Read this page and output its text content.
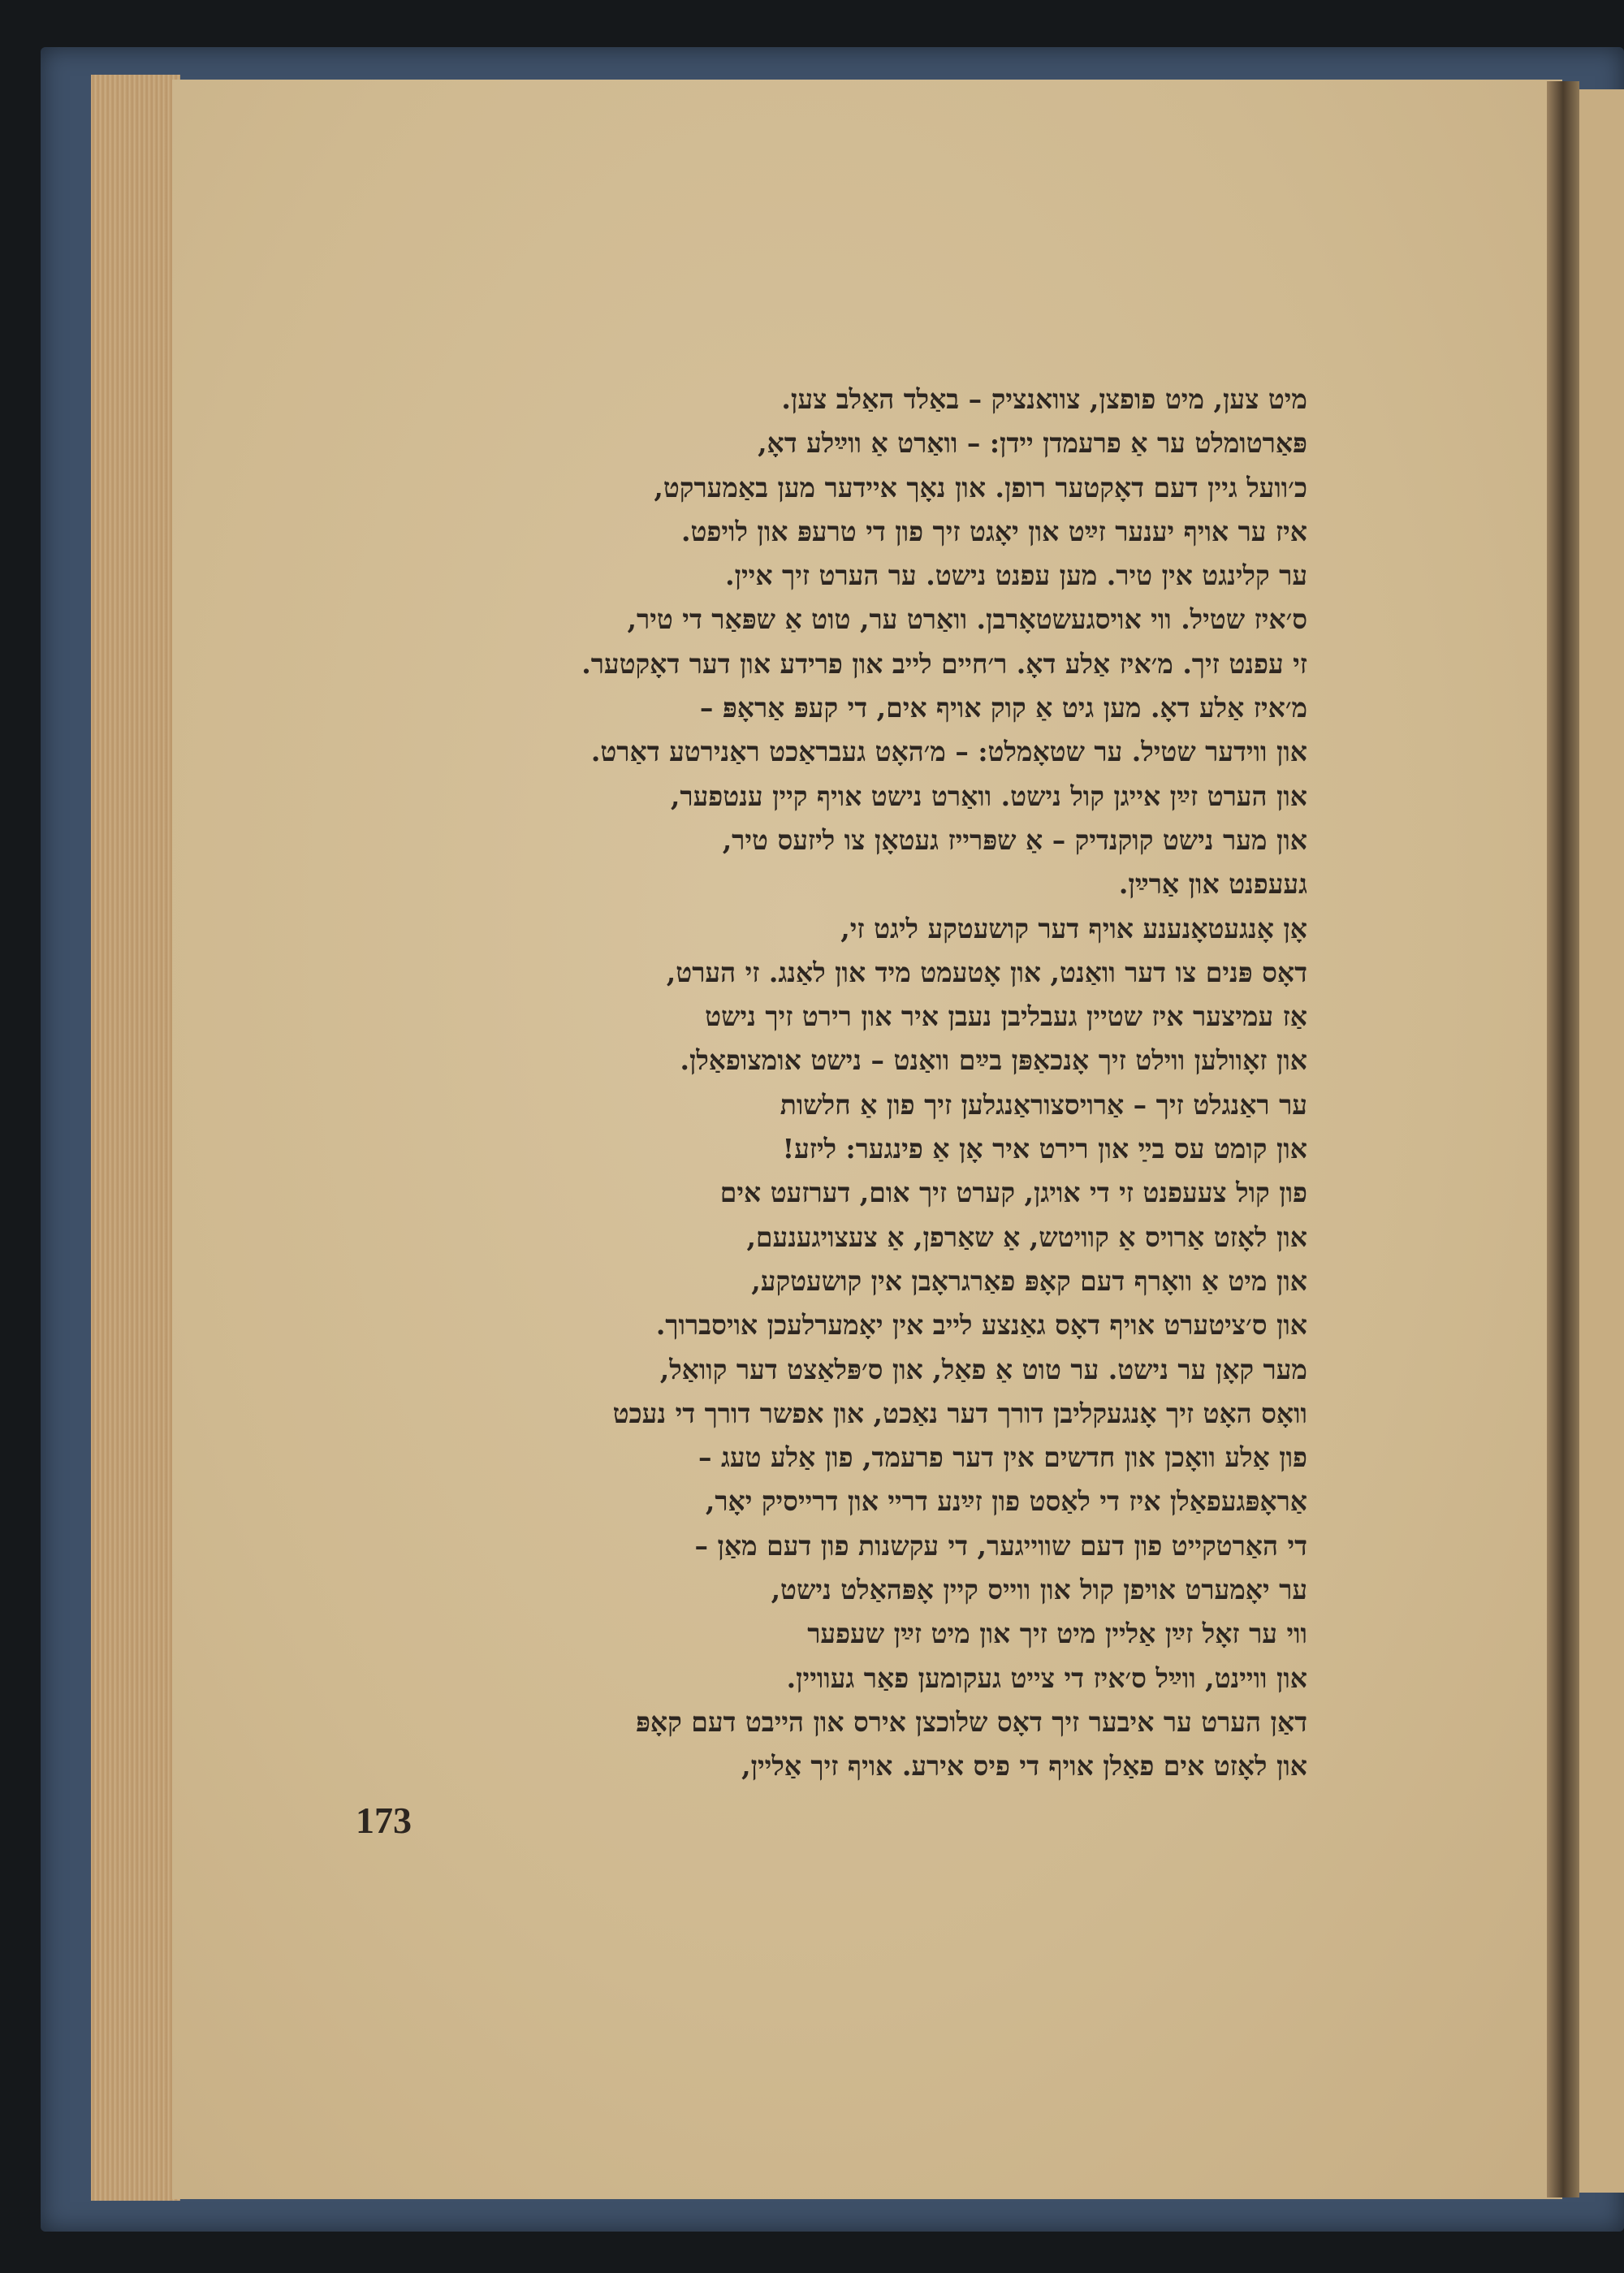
מיט צען, מיט פופצן, צוואנציק – באַלד האַלב צען.
פּאַרטומלט ער אַ פרעמדן יידן: – וואַרט אַ ווײַלע דאָ,
כ׳וועל גיין דעם דאָקטער רופן. און נאָך איידער מען באַמערקט,
איז ער אויף יענער זײַט און יאָגט זיך פון די טרעפּ און לויפט.
ער קלינגט אין טיר. מען עפנט נישט. ער הערט זיך איין.
ס׳איז שטיל. ווי אויסגעשטאָרבן. וואַרט ער, טוט אַ שפּאַר די טיר,
זי עפנט זיך. מ׳איז אַלע דאָ. ר׳חיים לייב און פרידע און דער דאָקטער.
מ׳איז אַלע דאָ. מען גיט אַ קוק אויף אים, די קעפּ אַראָפּ –
און ווידער שטיל. ער שטאָמלט: – מ׳האָט געבראַכט ראַנירטע דאַרט.
און הערט זײַן אייגן קול נישט. וואַרט נישט אויף קיין ענטפער,
און מער נישט קוקנדיק – אַ שפּרייז געטאָן צו ליזעס טיר,
געעפנט און אַרײַן.
אָן אָנגעטאָנענע אויף דער קושעטקע ליגט זי,
דאָס פּנים צו דער וואַנט, און אָטעמט מיד און לאַנג. זי הערט,
אַז עמיצער איז שטיין געבליבן נעבן איר און רירט זיך נישט
און זאָוולען ווילט זיך אָנכאַפּן בײַם וואַנט – נישט אומצופאַלן.
ער ראַנגלט זיך – אַרויסצוראַנגלען זיך פון אַ חלשות
און קומט עס בײַ און רירט איר אָן אַ פינגער: ליזע!
פון קול צעעפנט זי די אויגן, קערט זיך אום, דערזעט אים
און לאָזט אַרויס אַ קוויטש, אַ שאַרפן, אַ צעצויגענעם,
און מיט אַ וואָרף דעם קאָפּ פאַרגראָבן אין קושעטקע,
און ס׳ציטערט אויף דאָס גאַנצע לייב אין יאָמערלעכן אויסברוך.
מער קאָן ער נישט. ער טוט אַ פאַל, און ס׳פּלאַצט דער קוואַל,
וואָס האָט זיך אָנגעקליבן דורך דער נאַכט, און אפשר דורך די נעכט
פון אַלע וואָכן און חדשים אין דער פרעמד, פון אַלע טעג –
אַראָפּגעפאַלן איז די לאַסט פון זײַנע דריי און דרייסיק יאָר,
די האַרטקייט פון דעם שווייגער, די עקשנות פון דעם מאַן –
ער יאָמערט אויפן קול און ווייס קיין אָפּהאַלט נישט,
ווי ער זאָל זײַן אַליין מיט זיך און מיט זײַן שעפער
און וויינט, ווײַל ס׳איז די צייט געקומען פאַר געוויין.
דאַן הערט ער איבער זיך דאָס שלוכצן אירס און הייבט דעם קאָפּ
און לאָזט אים פאַלן אויף די פיס אירע. אויף זיך אַליין,
173
